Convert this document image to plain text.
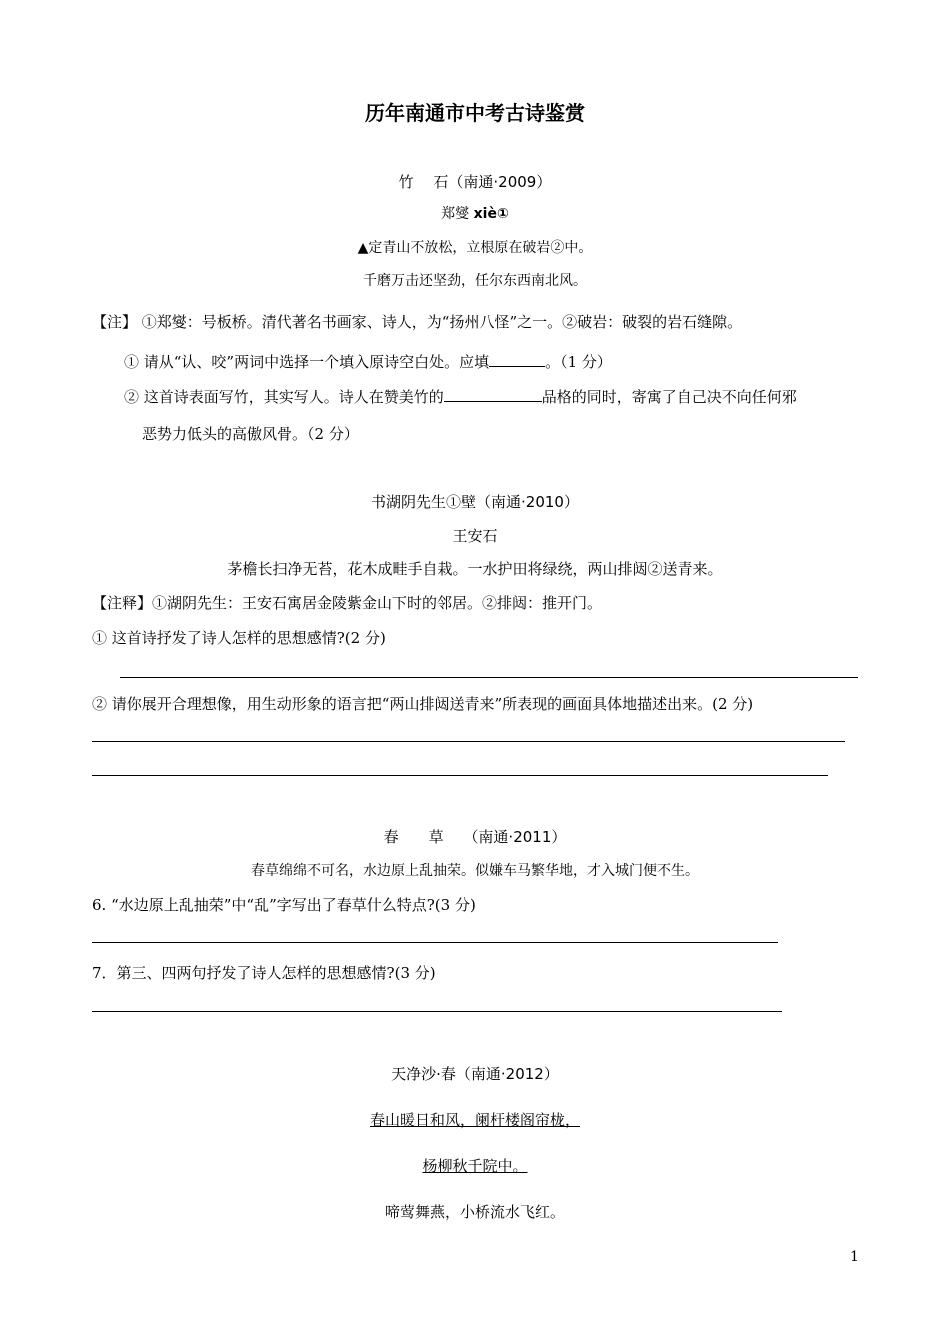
历年南通市中考古诗鉴赏
竹　 石（南通·2009）
郑燮 xiè①
▲定青山不放松，立根原在破岩②中。
千磨万击还坚劲，任尔东西南北风。
【注】 ①郑燮：号板桥。清代著名书画家、诗人，为“扬州八怪”之一。②破岩：破裂的岩石缝隙。
① 请从“认、咬”两词中选择一个填入原诗空白处。应填	。（1 分）
② 这首诗表面写竹，其实写人。诗人在赞美竹的	品格的同时，寄寓了自己决不向任何邪
恶势力低头的高傲风骨。（2 分）
书湖阴先生①壁（南通·2010）
王安石
茅檐长扫净无苔，花木成畦手自栽。一水护田将绿绕，两山排闼②送青来。
【注释】①湖阴先生：王安石寓居金陵紫金山下时的邻居。②排闼：推开门。
① 这首诗抒发了诗人怎样的思想感情?(2 分)
② 请你展开合理想像，用生动形象的语言把“两山排闼送青来”所表现的画面具体地描述出来。(2 分)
春　　草　 （南通·2011）
春草绵绵不可名，水边原上乱抽荣。似嫌车马繁华地，才入城门便不生。
6. “水边原上乱抽荣”中“乱”字写出了春草什么特点?(3 分)
7．第三、四两句抒发了诗人怎样的思想感情?(3 分)
天净沙·春（南通·2012）
春山暖日和风，阑杆楼阁帘栊，
杨柳秋千院中。
啼莺舞燕，小桥流水飞红。
1
